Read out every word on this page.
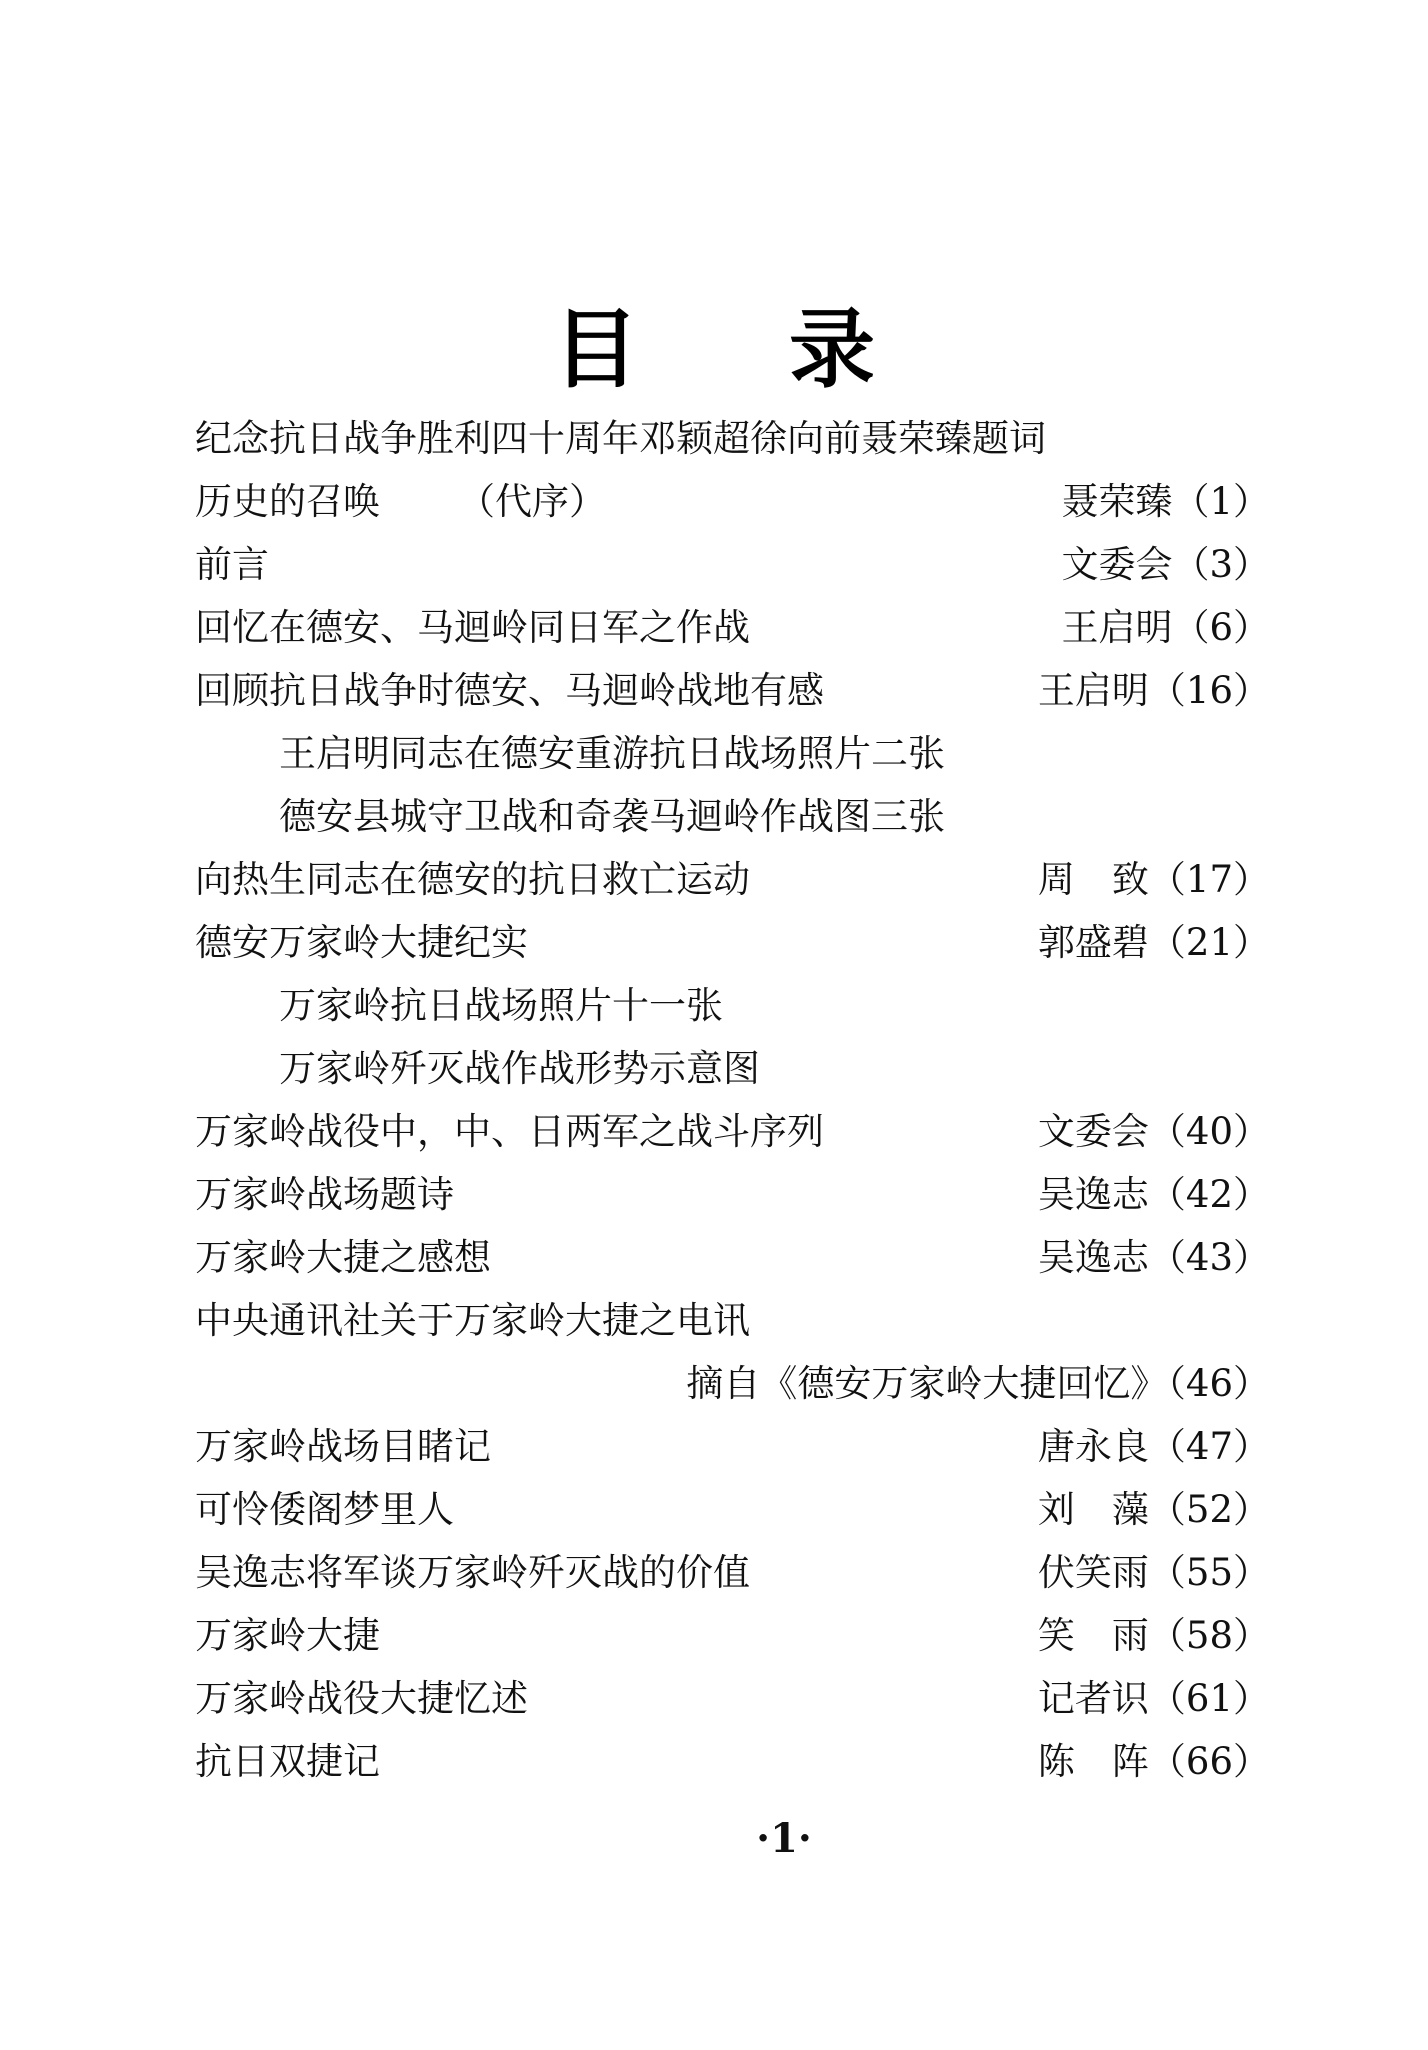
目录
纪念抗日战争胜利四十周年邓颖超徐向前聂荣臻题词
历史的召唤 （代序）	聂荣臻（1）
前言	文委会（3）
回忆在德安、马迴岭同日军之作战	王启明（6）
回顾抗日战争时德安、马迴岭战地有感	王启明（16）
王启明同志在德安重游抗日战场照片二张
德安县城守卫战和奇袭马迴岭作战图三张
向热生同志在德安的抗日救亡运动	周　致（17）
德安万家岭大捷纪实	郭盛碧（21）
万家岭抗日战场照片十一张
万家岭歼灭战作战形势示意图
万家岭战役中，中、日两军之战斗序列	文委会（40）
万家岭战场题诗	吴逸志（42）
万家岭大捷之感想	吴逸志（43）
中央通讯社关于万家岭大捷之电讯
摘自《德安万家岭大捷回忆》（46）
万家岭战场目睹记	唐永良（47）
可怜倭阁梦里人	刘　藻（52）
吴逸志将军谈万家岭歼灭战的价值	伏笑雨（55）
万家岭大捷	笑　雨（58）
万家岭战役大捷忆述	记者识（61）
抗日双捷记	陈　阵（66）
·1·
